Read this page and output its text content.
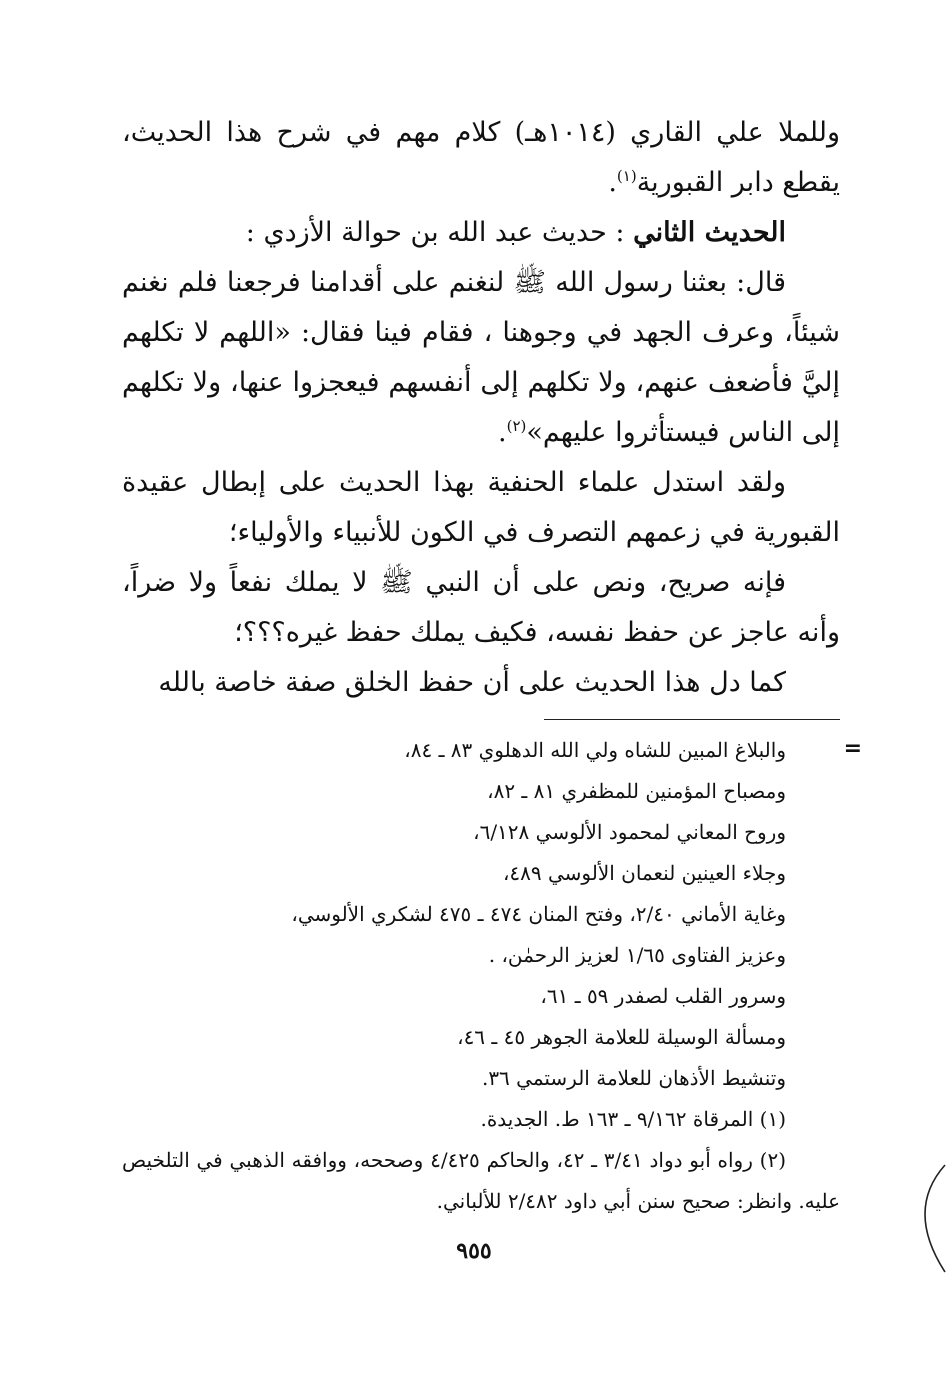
وللملا علي القاري (١٠١٤هـ) كلام مهم في شرح هذا الحديث، يقطع دابر القبورية$^{(١)}$.

الحديث الثاني : حديث عبد الله بن حوالة الأزدي :

قال: بعثنا رسول الله ﷺ لنغنم على أقدامنا فرجعنا فلم نغنم شيئاً، وعرف الجهد في وجوهنا ، فقام فينا فقال: «اللهم لا تكلهم إليَّ فأضعف عنهم، ولا تكلهم إلى أنفسهم فيعجزوا عنها، ولا تكلهم إلى الناس فيستأثروا عليهم»$^{(٢)}$.

ولقد استدل علماء الحنفية بهذا الحديث على إبطال عقيدة القبورية في زعمهم التصرف في الكون للأنبياء والأولياء؛

فإنه صريح، ونص على أن النبي ﷺ لا يملك نفعاً ولا ضراً، وأنه عاجز عن حفظ نفسه، فكيف يملك حفظ غيره؟؟؟؛

كما دل هذا الحديث على أن حفظ الخلق صفة خاصة بالله

=

والبلاغ المبين للشاه ولي الله الدهلوي ٨٣ ـ ٨٤،

ومصباح المؤمنين للمظفري ٨١ ـ ٨٢،

وروح المعاني لمحمود الألوسي ٦/١٢٨،

وجلاء العينين لنعمان الألوسي ٤٨٩،

وغاية الأماني ٢/٤٠، وفتح المنان ٤٧٤ ـ ٤٧٥ لشكري الألوسي،

وعزيز الفتاوى ١/٦٥ لعزيز الرحمٰن، .

وسرور القلب لصفدر ٥٩ ـ ٦١،

ومسألة الوسيلة للعلامة الجوهر ٤٥ ـ ٤٦،

وتنشيط الأذهان للعلامة الرستمي ٣٦.

(١) المرقاة ٩/١٦٢ ـ ١٦٣ ط. الجديدة.

(٢) رواه أبو دواد ٣/٤١ ـ ٤٢، والحاكم ٤/٤٢٥ وصححه، ووافقه الذهبي في التلخيص عليه. وانظر: صحيح سنن أبي داود ٢/٤٨٢ للألباني.

٩٥٥
